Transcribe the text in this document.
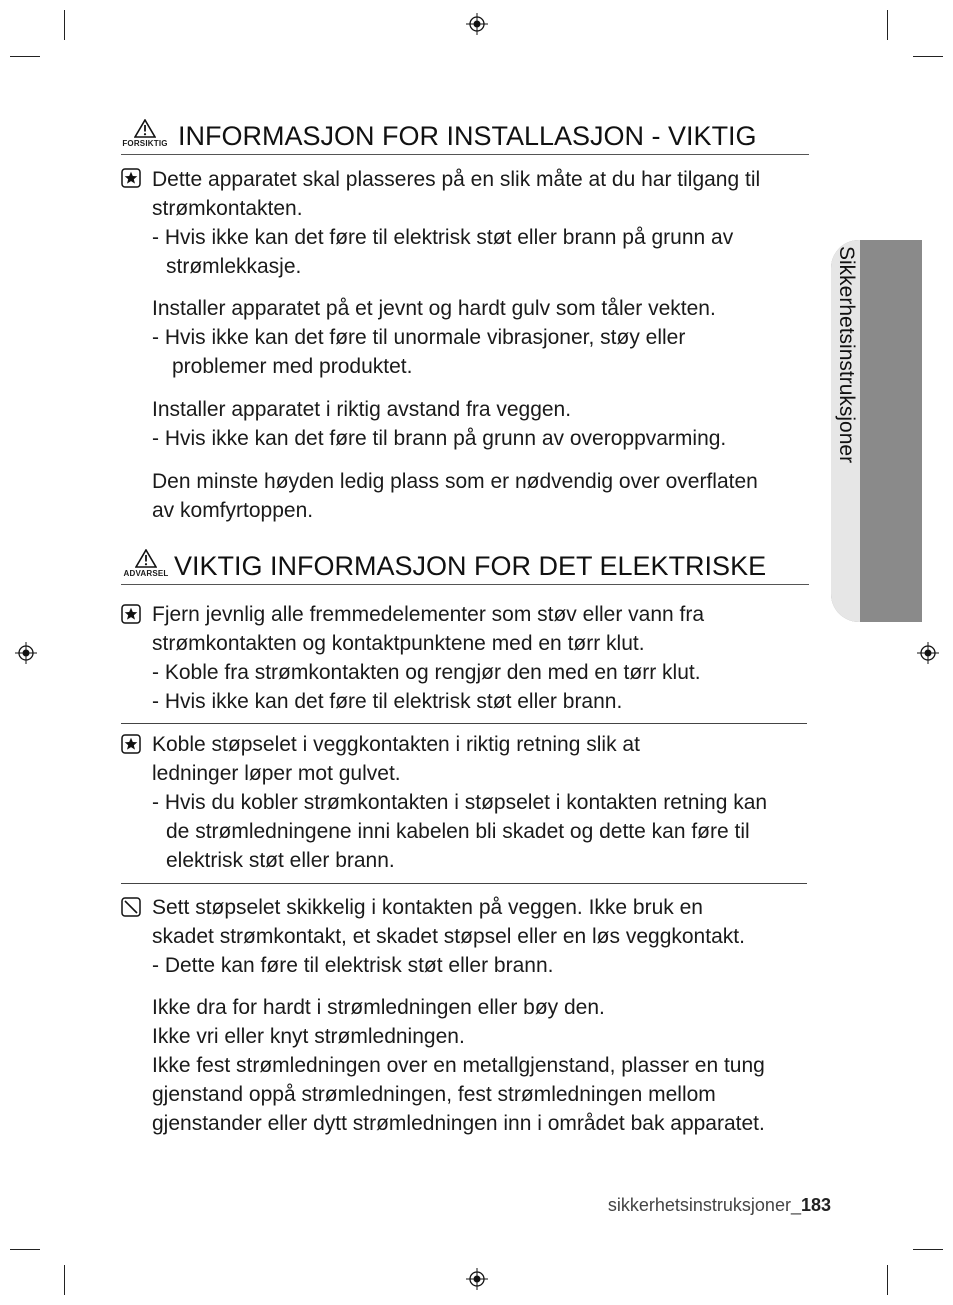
Sikkerhetsinstruksjoner
FORSIKTIG INFORMASJON FOR INSTALLASJON - VIKTIG
Dette apparatet skal plasseres på en slik måte at du har tilgang til
strømkontakten.
- Hvis ikke kan det føre til elektrisk støt eller brann på grunn av
strømlekkasje.
Installer apparatet på et jevnt og hardt gulv som tåler vekten.
- Hvis ikke kan det føre til unormale vibrasjoner, støy eller
problemer med produktet.
Installer apparatet i riktig avstand fra veggen.
- Hvis ikke kan det føre til brann på grunn av overoppvarming.
Den minste høyden ledig plass som er nødvendig over overflaten
av komfyrtoppen.
ADVARSEL VIKTIG INFORMASJON FOR DET ELEKTRISKE
Fjern jevnlig alle fremmedelementer som støv eller vann fra
strømkontakten og kontaktpunktene med en tørr klut.
- Koble fra strømkontakten og rengjør den med en tørr klut.
- Hvis ikke kan det føre til elektrisk støt eller brann.
Koble støpselet i veggkontakten i riktig retning slik at
ledninger løper mot gulvet.
- Hvis du kobler strømkontakten i støpselet i kontakten retning kan
de strømledningene inni kabelen bli skadet og dette kan føre til
elektrisk støt eller brann.
Sett støpselet skikkelig i kontakten på veggen. Ikke bruk en
skadet strømkontakt, et skadet støpsel eller en løs veggkontakt.
- Dette kan føre til elektrisk støt eller brann.
Ikke dra for hardt i strømledningen eller bøy den.
Ikke vri eller knyt strømledningen.
Ikke fest strømledningen over en metallgjenstand, plasser en tung
gjenstand oppå strømledningen, fest strømledningen mellom
gjenstander eller dytt strømledningen inn i området bak apparatet.
sikkerhetsinstruksjoner_183
